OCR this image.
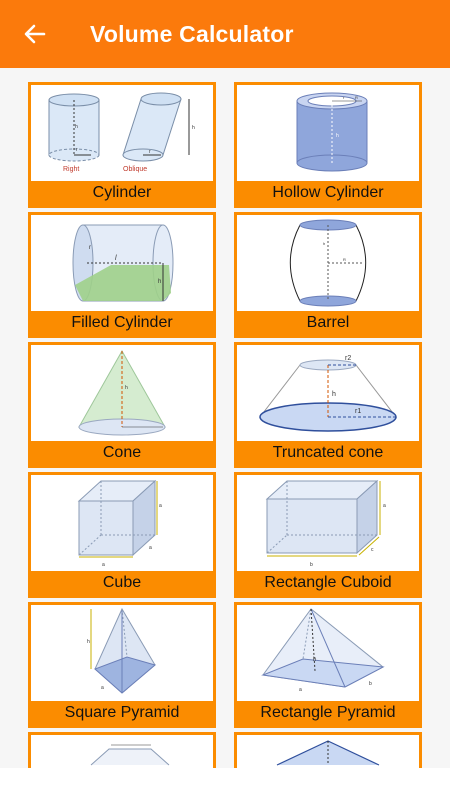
Volume Calculator
h
r
h
r
Right	Oblique
Cylinder
h
r	R
Hollow Cylinder
l
r
h
Filled Cylinder
h
R
Barrel
h
Cone
r2
h
r1
Truncated cone
a
a
a
Cube
b
a
c
Rectangle Cuboid
h
a
Square Pyramid
h
a
b
Rectangle Pyramid
